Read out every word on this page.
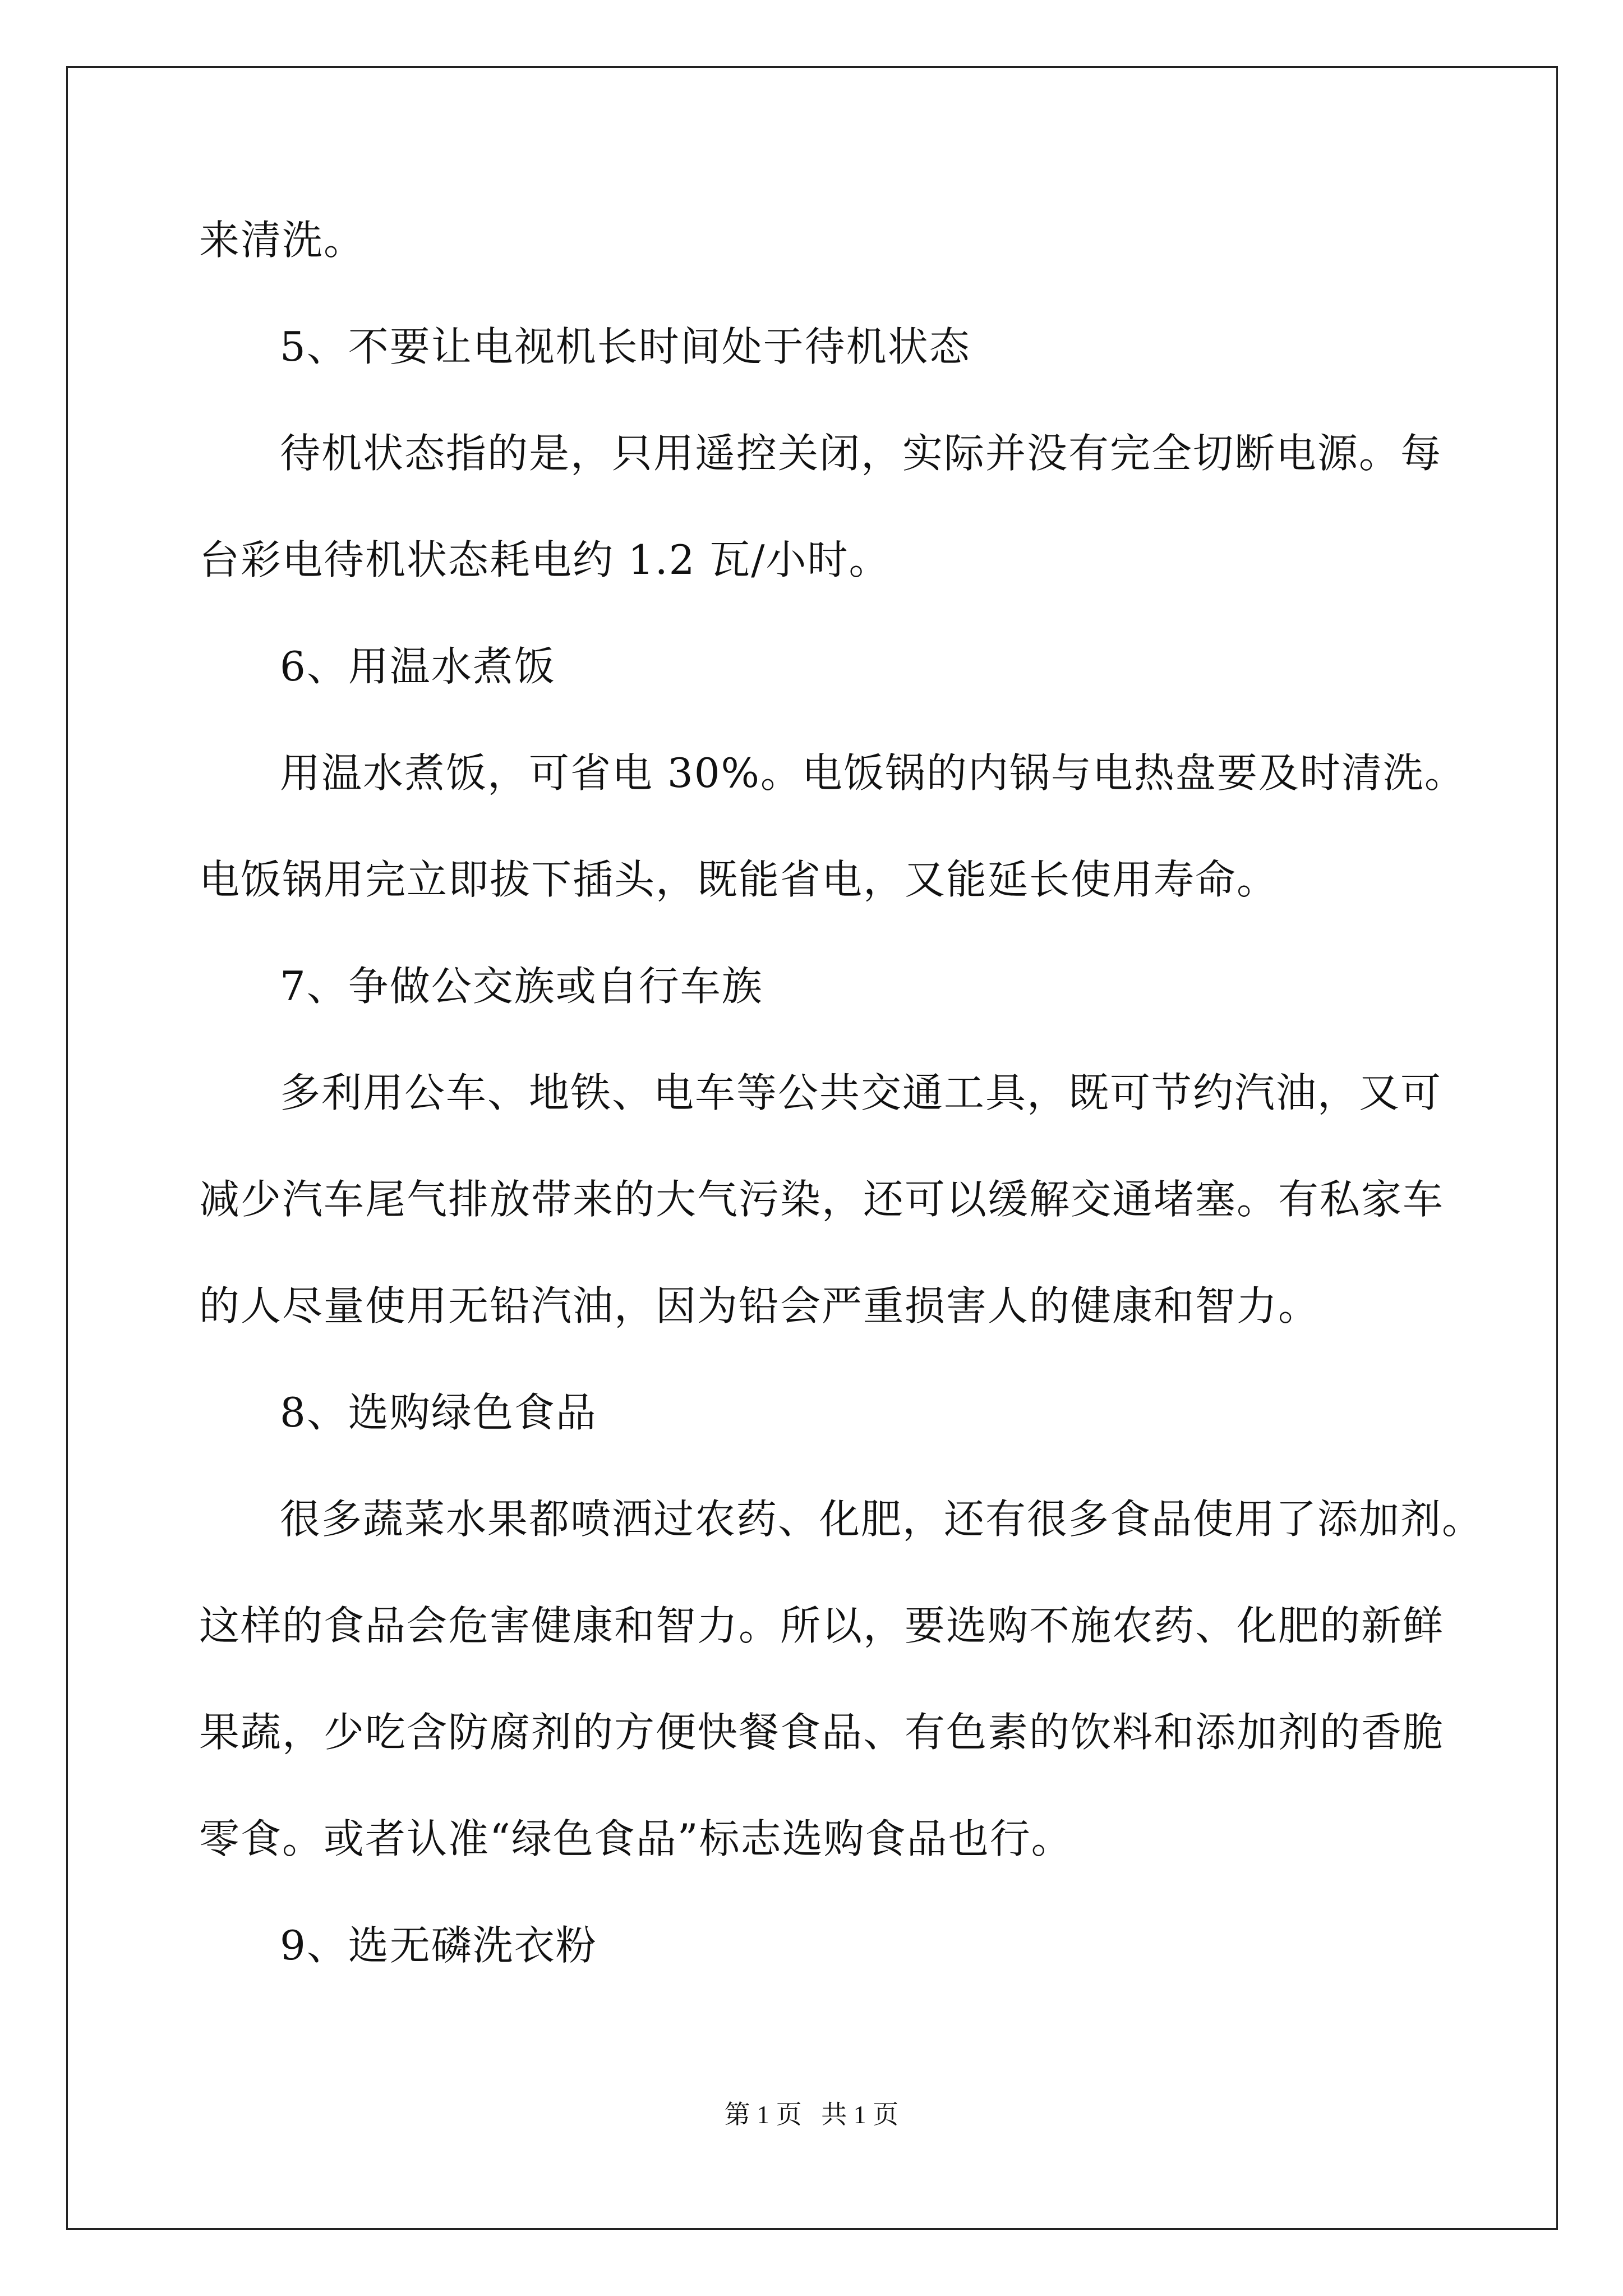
来清洗。
5、不要让电视机长时间处于待机状态
待机状态指的是，只用遥控关闭，实际并没有完全切断电源。每
台彩电待机状态耗电约 1.2 瓦/小时。
6、用温水煮饭
用温水煮饭，可省电 30%。电饭锅的内锅与电热盘要及时清洗。
电饭锅用完立即拔下插头，既能省电，又能延长使用寿命。
7、争做公交族或自行车族
多利用公车、地铁、电车等公共交通工具，既可节约汽油，又可
减少汽车尾气排放带来的大气污染，还可以缓解交通堵塞。有私家车
的人尽量使用无铅汽油，因为铅会严重损害人的健康和智力。
8、选购绿色食品
很多蔬菜水果都喷洒过农药、化肥，还有很多食品使用了添加剂。
这样的食品会危害健康和智力。所以，要选购不施农药、化肥的新鲜
果蔬，少吃含防腐剂的方便快餐食品、有色素的饮料和添加剂的香脆
零食。或者认准“绿色食品”标志选购食品也行。
9、选无磷洗衣粉
第 1 页   共 1 页
